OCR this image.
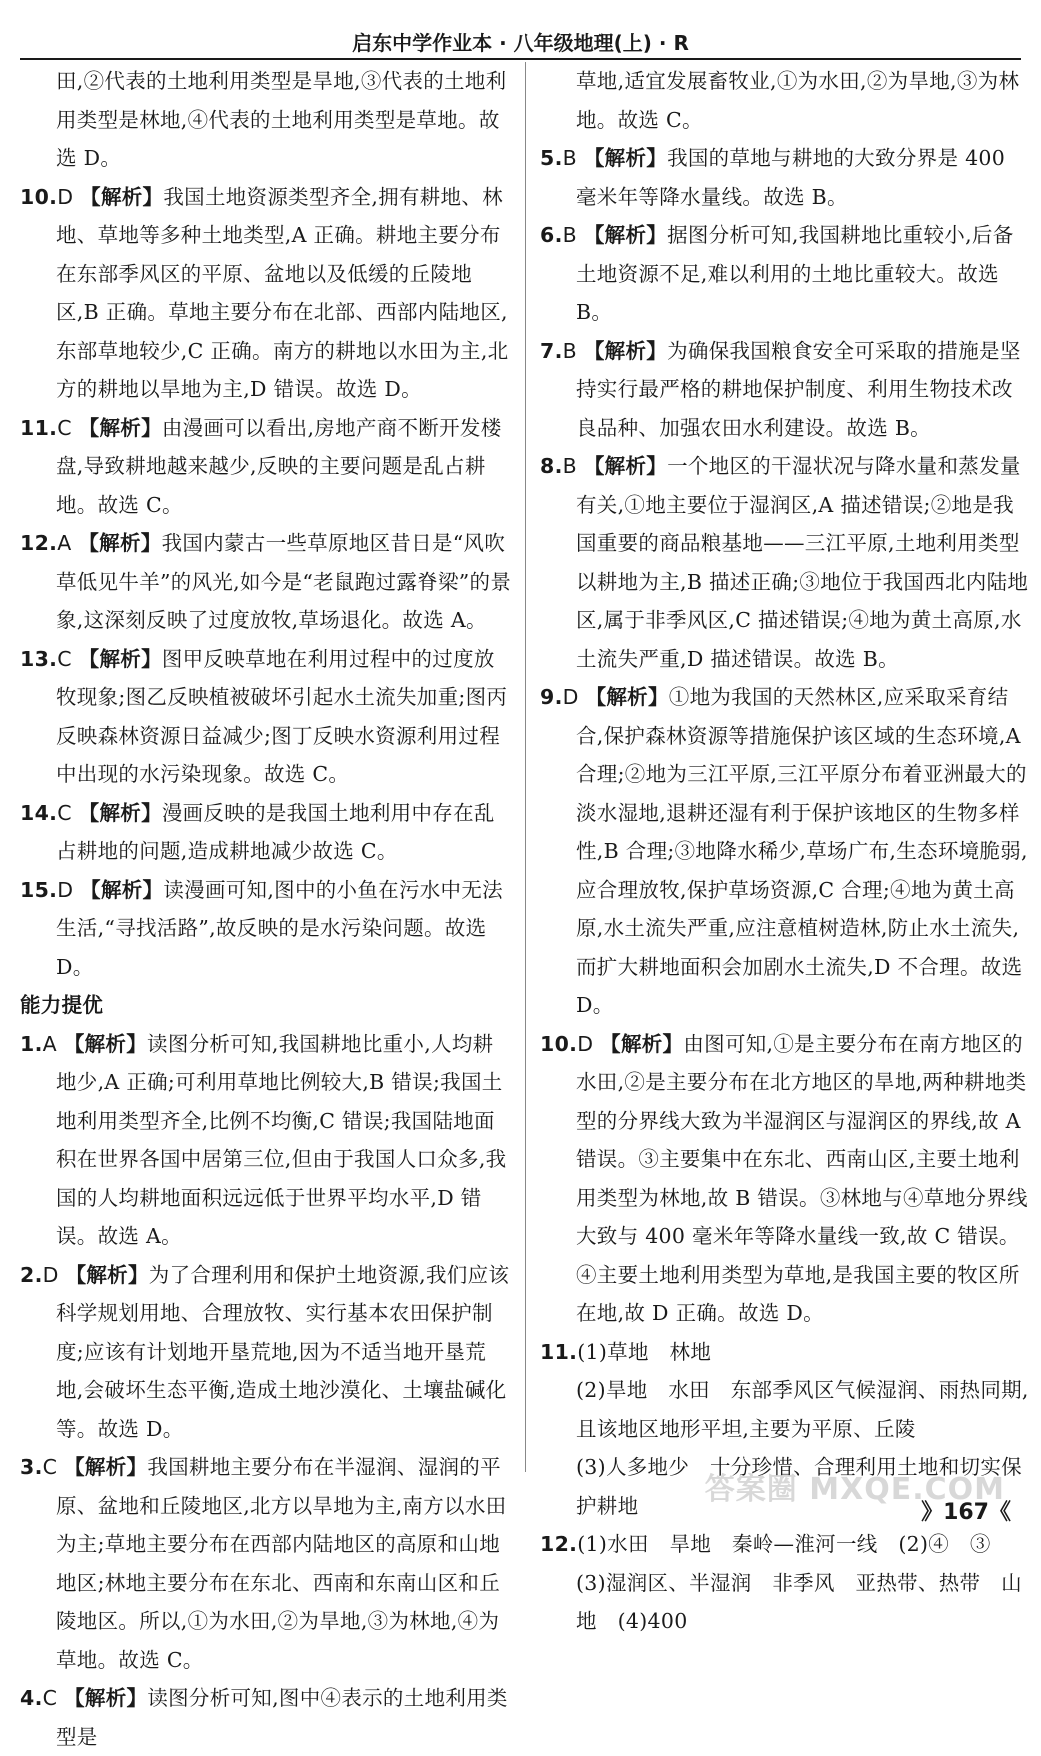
启东中学作业本 · 八年级地理(上) · R
田,②代表的土地利用类型是旱地,③代表的土地利用类型是林地,④代表的土地利用类型是草地。故选 D。
10.D 【解析】我国土地资源类型齐全,拥有耕地、林地、草地等多种土地类型,A 正确。耕地主要分布在东部季风区的平原、盆地以及低缓的丘陵地区,B 正确。草地主要分布在北部、西部内陆地区,东部草地较少,C 正确。南方的耕地以水田为主,北方的耕地以旱地为主,D 错误。故选 D。
11.C 【解析】由漫画可以看出,房地产商不断开发楼盘,导致耕地越来越少,反映的主要问题是乱占耕地。故选 C。
12.A 【解析】我国内蒙古一些草原地区昔日是“风吹草低见牛羊”的风光,如今是“老鼠跑过露脊梁”的景象,这深刻反映了过度放牧,草场退化。故选 A。
13.C 【解析】图甲反映草地在利用过程中的过度放牧现象;图乙反映植被破坏引起水土流失加重;图丙反映森林资源日益减少;图丁反映水资源利用过程中出现的水污染现象。故选 C。
14.C 【解析】漫画反映的是我国土地利用中存在乱占耕地的问题,造成耕地减少故选 C。
15.D 【解析】读漫画可知,图中的小鱼在污水中无法生活,“寻找活路”,故反映的是水污染问题。故选 D。
能力提优
1.A 【解析】读图分析可知,我国耕地比重小,人均耕地少,A 正确;可利用草地比例较大,B 错误;我国土地利用类型齐全,比例不均衡,C 错误;我国陆地面积在世界各国中居第三位,但由于我国人口众多,我国的人均耕地面积远远低于世界平均水平,D 错误。故选 A。
2.D 【解析】为了合理利用和保护土地资源,我们应该科学规划用地、合理放牧、实行基本农田保护制度;应该有计划地开垦荒地,因为不适当地开垦荒地,会破坏生态平衡,造成土地沙漠化、土壤盐碱化等。故选 D。
3.C 【解析】我国耕地主要分布在半湿润、湿润的平原、盆地和丘陵地区,北方以旱地为主,南方以水田为主;草地主要分布在西部内陆地区的高原和山地地区;林地主要分布在东北、西南和东南山区和丘陵地区。所以,①为水田,②为旱地,③为林地,④为草地。故选 C。
4.C 【解析】读图分析可知,图中④表示的土地利用类型是
草地,适宜发展畜牧业,①为水田,②为旱地,③为林地。故选 C。
5.B 【解析】我国的草地与耕地的大致分界是 400 毫米年等降水量线。故选 B。
6.B 【解析】据图分析可知,我国耕地比重较小,后备土地资源不足,难以利用的土地比重较大。故选 B。
7.B 【解析】为确保我国粮食安全可采取的措施是坚持实行最严格的耕地保护制度、利用生物技术改良品种、加强农田水利建设。故选 B。
8.B 【解析】一个地区的干湿状况与降水量和蒸发量有关,①地主要位于湿润区,A 描述错误;②地是我国重要的商品粮基地——三江平原,土地利用类型以耕地为主,B 描述正确;③地位于我国西北内陆地区,属于非季风区,C 描述错误;④地为黄土高原,水土流失严重,D 描述错误。故选 B。
9.D 【解析】①地为我国的天然林区,应采取采育结合,保护森林资源等措施保护该区域的生态环境,A 合理;②地为三江平原,三江平原分布着亚洲最大的淡水湿地,退耕还湿有利于保护该地区的生物多样性,B 合理;③地降水稀少,草场广布,生态环境脆弱,应合理放牧,保护草场资源,C 合理;④地为黄土高原,水土流失严重,应注意植树造林,防止水土流失,而扩大耕地面积会加剧水土流失,D 不合理。故选 D。
10.D 【解析】由图可知,①是主要分布在南方地区的水田,②是主要分布在北方地区的旱地,两种耕地类型的分界线大致为半湿润区与湿润区的界线,故 A 错误。③主要集中在东北、西南山区,主要土地利用类型为林地,故 B 错误。③林地与④草地分界线大致与 400 毫米年等降水量线一致,故 C 错误。④主要土地利用类型为草地,是我国主要的牧区所在地,故 D 正确。故选 D。
11.(1)草地　林地
(2)旱地　水田　东部季风区气候湿润、雨热同期,且该地区地形平坦,主要为平原、丘陵
(3)人多地少　十分珍惜、合理利用土地和切实保护耕地
12.(1)水田　旱地　秦岭—淮河一线　(2)④　③　(3)湿润区、半湿润　非季风　亚热带、热带　山地　(4)400
答案圈 MXQE.COM
》167《
